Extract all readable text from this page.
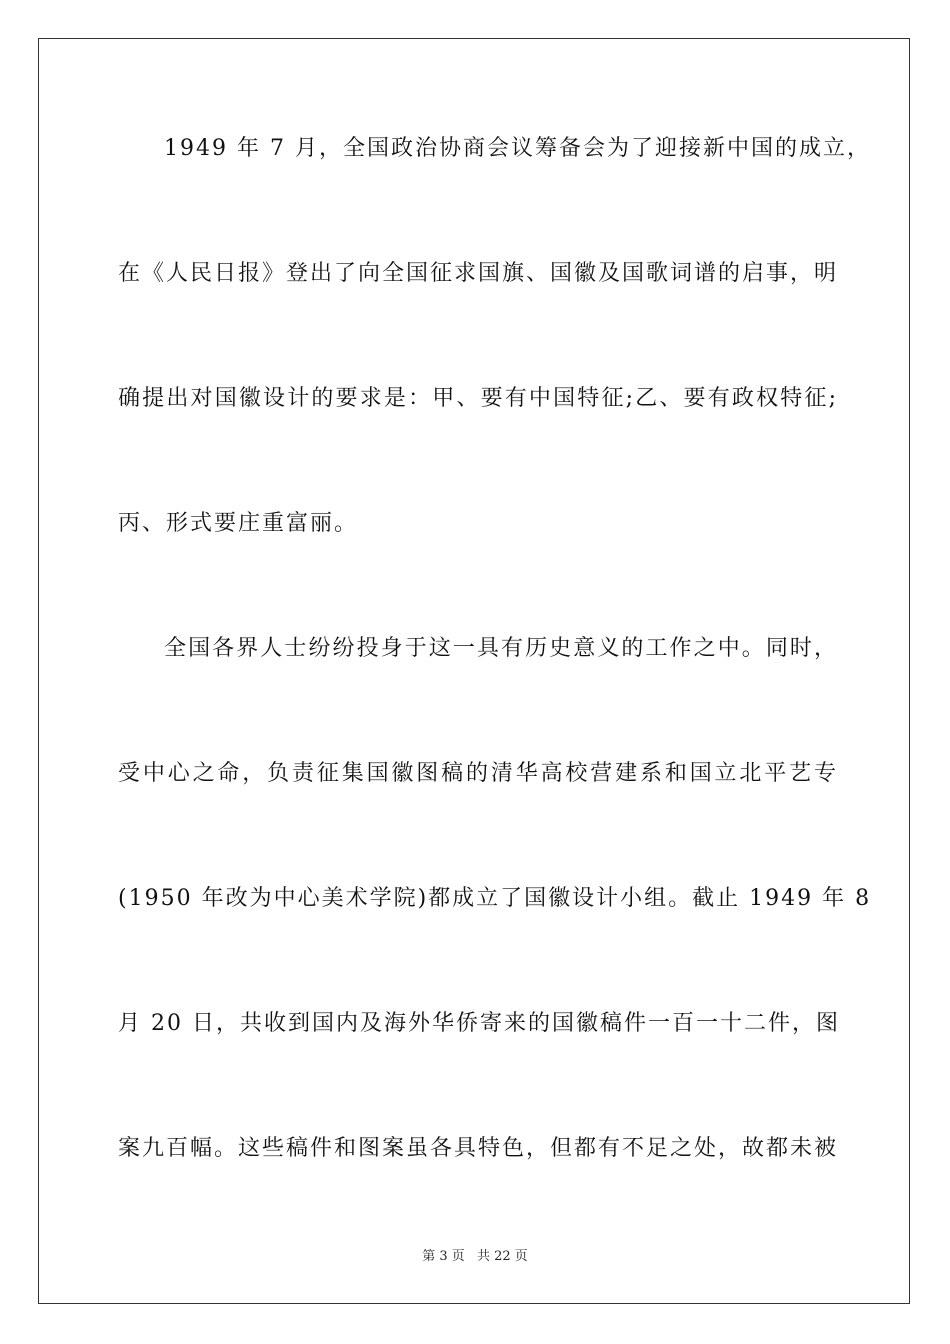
1949 年 7 月，全国政治协商会议筹备会为了迎接新中国的成立，
在《人民日报》登出了向全国征求国旗、国徽及国歌词谱的启事，明
确提出对国徽设计的要求是：甲、要有中国特征;乙、要有政权特征;
丙、形式要庄重富丽。
全国各界人士纷纷投身于这一具有历史意义的工作之中。同时，
受中心之命，负责征集国徽图稿的清华高校营建系和国立北平艺专
(1950 年改为中心美术学院)都成立了国徽设计小组。截止 1949 年 8
月 20 日，共收到国内及海外华侨寄来的国徽稿件一百一十二件，图
案九百幅。这些稿件和图案虽各具特色，但都有不足之处，故都未被
第 3 页 共 22 页
